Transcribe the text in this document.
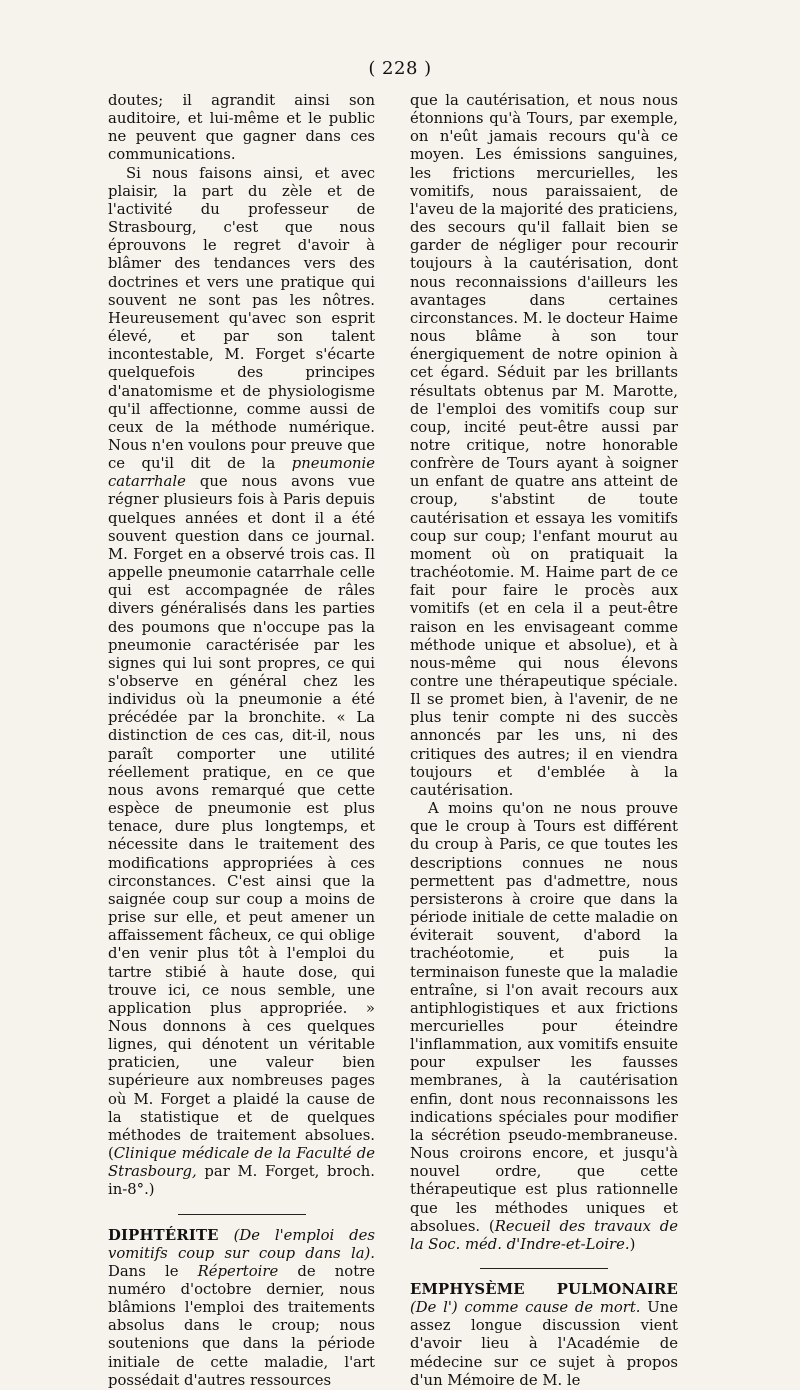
( 228 )

doutes; il agrandit ainsi son auditoire, et lui-même et le public ne peuvent que gagner dans ces communications.

Si nous faisons ainsi, et avec plaisir, la part du zèle et de l'activité du professeur de Strasbourg, c'est que nous éprouvons le regret d'avoir à blâmer des tendances vers des doctrines et vers une pratique qui souvent ne sont pas les nôtres. Heureusement qu'avec son esprit élevé, et par son talent incontestable, M. Forget s'écarte quelquefois des principes d'anatomisme et de physiologisme qu'il affectionne, comme aussi de ceux de la méthode numérique. Nous n'en voulons pour preuve que ce qu'il dit de la pneumonie catarrhale que nous avons vue régner plusieurs fois à Paris depuis quelques années et dont il a été souvent question dans ce journal. M. Forget en a observé trois cas. Il appelle pneumonie catarrhale celle qui est accompagnée de râles divers généralisés dans les parties des poumons que n'occupe pas la pneumonie caractérisée par les signes qui lui sont propres, ce qui s'observe en général chez les individus où la pneumonie a été précédée par la bronchite. « La distinction de ces cas, dit-il, nous paraît comporter une utilité réellement pratique, en ce que nous avons remarqué que cette espèce de pneumonie est plus tenace, dure plus longtemps, et nécessite dans le traitement des modifications appropriées à ces circonstances. C'est ainsi que la saignée coup sur coup a moins de prise sur elle, et peut amener un affaissement fâcheux, ce qui oblige d'en venir plus tôt à l'emploi du tartre stibié à haute dose, qui trouve ici, ce nous semble, une application plus appropriée. » Nous donnons à ces quelques lignes, qui dénotent un véritable praticien, une valeur bien supérieure aux nombreuses pages où M. Forget a plaidé la cause de la statistique et de quelques méthodes de traitement absolues. (Clinique médicale de la Faculté de Strasbourg, par M. Forget, broch. in-8°.)

DIPHTÉRITE (De l'emploi des vomitifs coup sur coup dans la). Dans le Répertoire de notre numéro d'octobre dernier, nous blâmions l'emploi des traitements absolus dans le croup; nous soutenions que dans la période initiale de cette maladie, l'art possédait d'autres ressources

que la cautérisation, et nous nous étonnions qu'à Tours, par exemple, on n'eût jamais recours qu'à ce moyen. Les émissions sanguines, les frictions mercurielles, les vomitifs, nous paraissaient, de l'aveu de la majorité des praticiens, des secours qu'il fallait bien se garder de négliger pour recourir toujours à la cautérisation, dont nous reconnaissions d'ailleurs les avantages dans certaines circonstances. M. le docteur Haime nous blâme à son tour énergiquement de notre opinion à cet égard. Séduit par les brillants résultats obtenus par M. Marotte, de l'emploi des vomitifs coup sur coup, incité peut-être aussi par notre critique, notre honorable confrère de Tours ayant à soigner un enfant de quatre ans atteint de croup, s'abstint de toute cautérisation et essaya les vomitifs coup sur coup; l'enfant mourut au moment où on pratiquait la trachéotomie. M. Haime part de ce fait pour faire le procès aux vomitifs (et en cela il a peut-être raison en les envisageant comme méthode unique et absolue), et à nous-même qui nous élevons contre une thérapeutique spéciale. Il se promet bien, à l'avenir, de ne plus tenir compte ni des succès annoncés par les uns, ni des critiques des autres; il en viendra toujours et d'emblée à la cautérisation.

A moins qu'on ne nous prouve que le croup à Tours est différent du croup à Paris, ce que toutes les descriptions connues ne nous permettent pas d'admettre, nous persisterons à croire que dans la période initiale de cette maladie on éviterait souvent, d'abord la trachéotomie, et puis la terminaison funeste que la maladie entraîne, si l'on avait recours aux antiphlogistiques et aux frictions mercurielles pour éteindre l'inflammation, aux vomitifs ensuite pour expulser les fausses membranes, à la cautérisation enfin, dont nous reconnaissons les indications spéciales pour modifier la sécrétion pseudo-membraneuse. Nous croirons encore, et jusqu'à nouvel ordre, que cette thérapeutique est plus rationnelle que les méthodes uniques et absolues. (Recueil des travaux de la Soc. méd. d'Indre-et-Loire.)

EMPHYSÈME PULMONAIRE (De l') comme cause de mort. Une assez longue discussion vient d'avoir lieu à l'Académie de médecine sur ce sujet à propos d'un Mémoire de M. le
